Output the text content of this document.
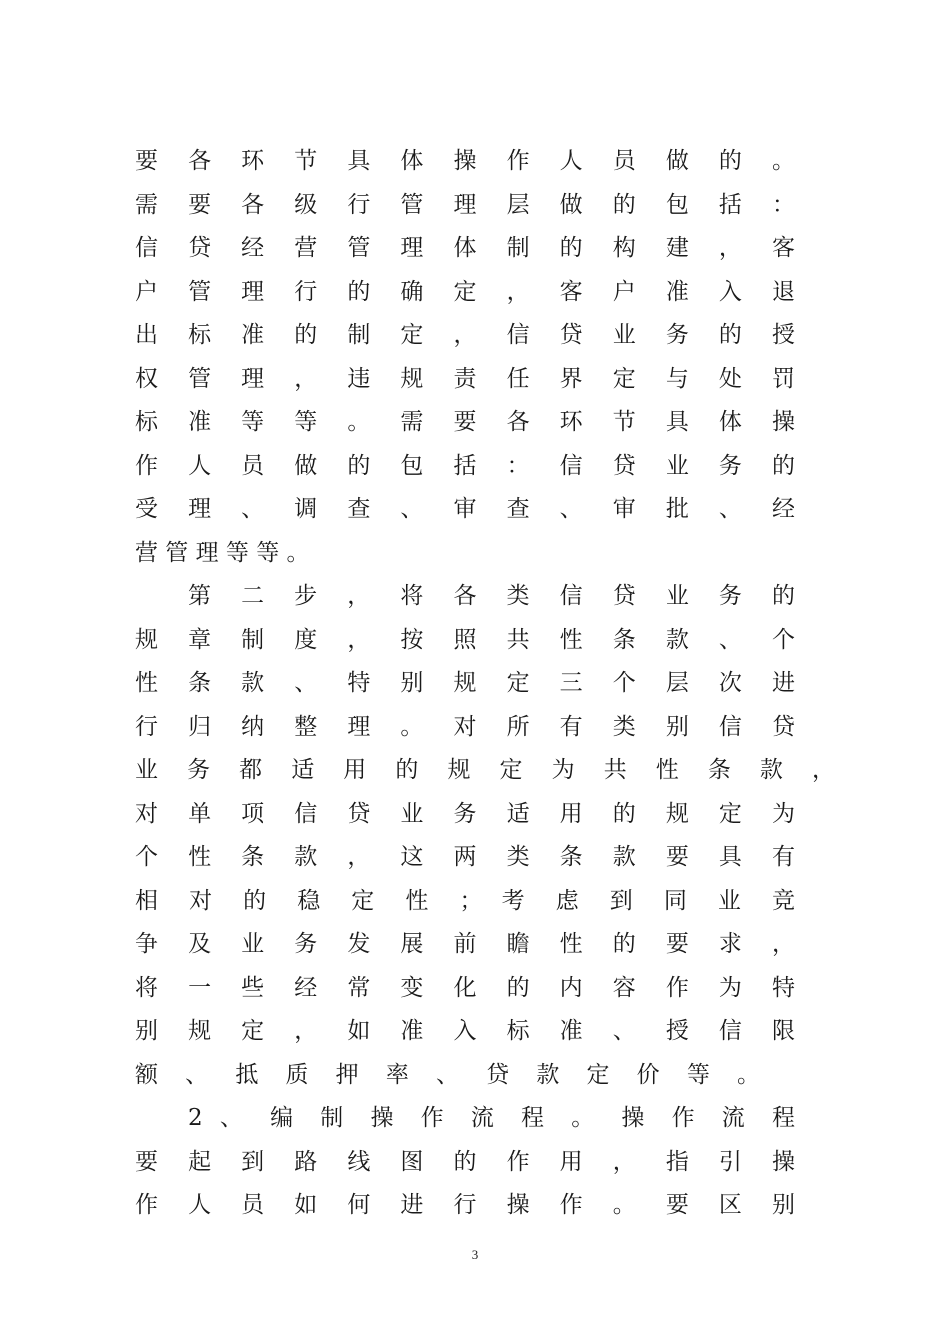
要 各 环 节 具 体 操 作 人 员 做 的 。
需 要 各 级 行 管 理 层 做 的 包 括 ：
信 贷 经 营 管 理 体 制 的 构 建 ， 客
户 管 理 行 的 确 定 ， 客 户 准 入 退
出 标 准 的 制 定 ， 信 贷 业 务 的 授
权 管 理 ， 违 规 责 任 界 定 与 处 罚
标 准 等 等 。 需 要 各 环 节 具 体 操
作 人 员 做 的 包 括 ： 信 贷 业 务 的
受 理 、 调 查 、 审 查 、 审 批 、 经
营 管 理 等 等 。
第 二 步 ， 将 各 类 信 贷 业 务 的
规 章 制 度 ， 按 照 共 性 条 款 、 个
性 条 款 、 特 别 规 定 三 个 层 次 进
行 归 纳 整 理 。 对 所 有 类 别 信 贷
业 务 都 适 用 的 规 定 为 共 性 条 款 ，
对 单 项 信 贷 业 务 适 用 的 规 定 为
个 性 条 款 ， 这 两 类 条 款 要 具 有
相 对 的 稳 定 性 ； 考 虑 到 同 业 竞
争 及 业 务 发 展 前 瞻 性 的 要 求 ，
将 一 些 经 常 变 化 的 内 容 作 为 特
别 规 定 ， 如 准 入 标 准 、 授 信 限
额 、 抵 质 押 率 、 贷 款 定 价 等 。
2 、 编 制 操 作 流 程 。 操 作 流 程
要 起 到 路 线 图 的 作 用 ， 指 引 操
作 人 员 如 何 进 行 操 作 。 要 区 别
3
